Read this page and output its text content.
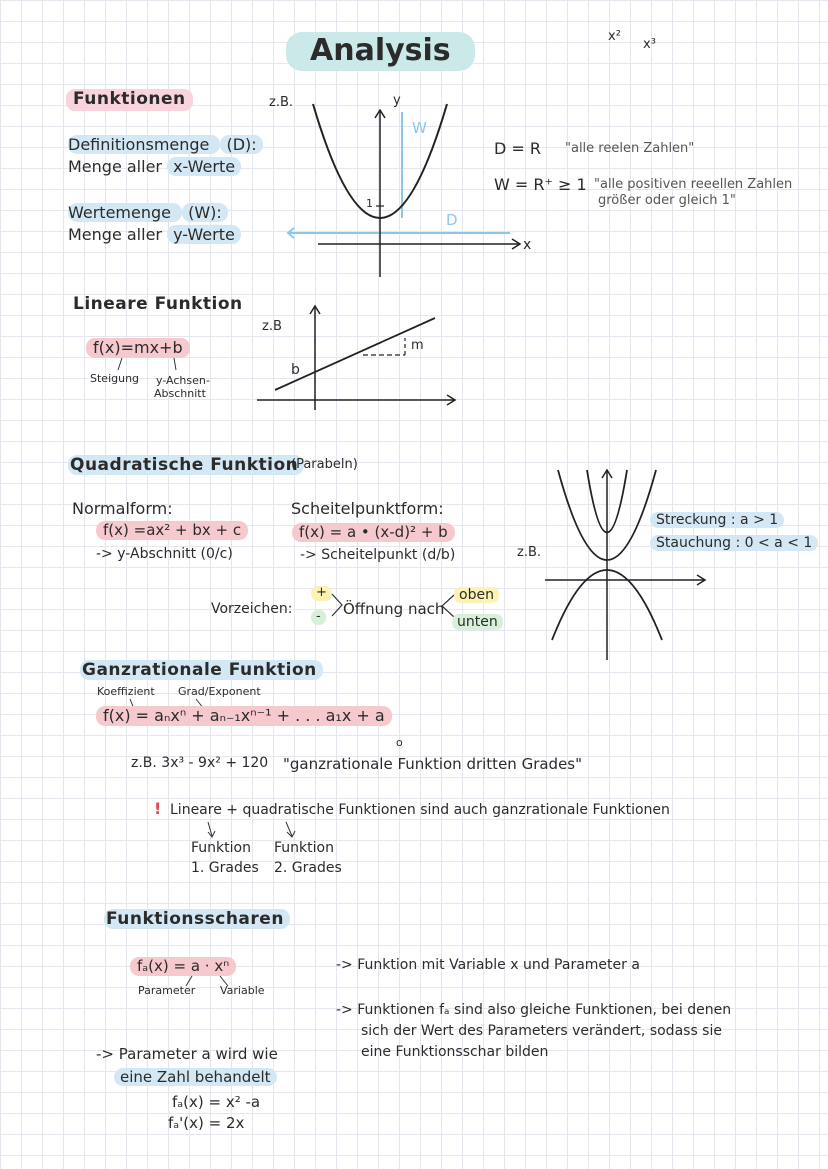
Analysis	x²
x³
Funktionen	z.B.
Definitionsmenge (D):
Menge aller x-Werte
Wertemenge (W):
Menge aller y-Werte
y
W
1
D
x
D = R "alle reelen Zahlen"
W = R⁺ ≥ 1 "alle positiven reeellen Zahlen
größer oder gleich 1"
Lineare Funktion
z.B
f(x)=mx+b
Steigung y-Achsen-
Abschnitt
b
m
Quadratische Funktion
(Parabeln)
Normalform:
f(x) =ax² + bx + c
-> y-Abschnitt (0/c)
Scheitelpunktform:
f(x) = a • (x-d)² + b
-> Scheitelpunkt (d/b)
Vorzeichen:
+
-	Öffnung nach
oben
unten
z.B.
Streckung : a > 1
Stauchung : 0 < a < 1
Ganzrationale Funktion
Koeffizient Grad/Exponent
f(x) = aₙxⁿ + aₙ₋₁xⁿ⁻¹ + . . . a₁x + a
o
z.B. 3x³ - 9x² + 120 "ganzrationale Funktion dritten Grades"
! Lineare + quadratische Funktionen sind auch ganzrationale Funktionen
Funktion
1. Grades
Funktion
2. Grades
Funktionsscharen
fₐ(x) = a · xⁿ
Parameter Variable
-> Funktion mit Variable x und Parameter a
-> Funktionen fₐ sind also gleiche Funktionen, bei denen
sich der Wert des Parameters verändert, sodass sie
eine Funktionsschar bilden
-> Parameter a wird wie
eine Zahl behandelt
fₐ(x) = x² -a
fₐ'(x) = 2x
